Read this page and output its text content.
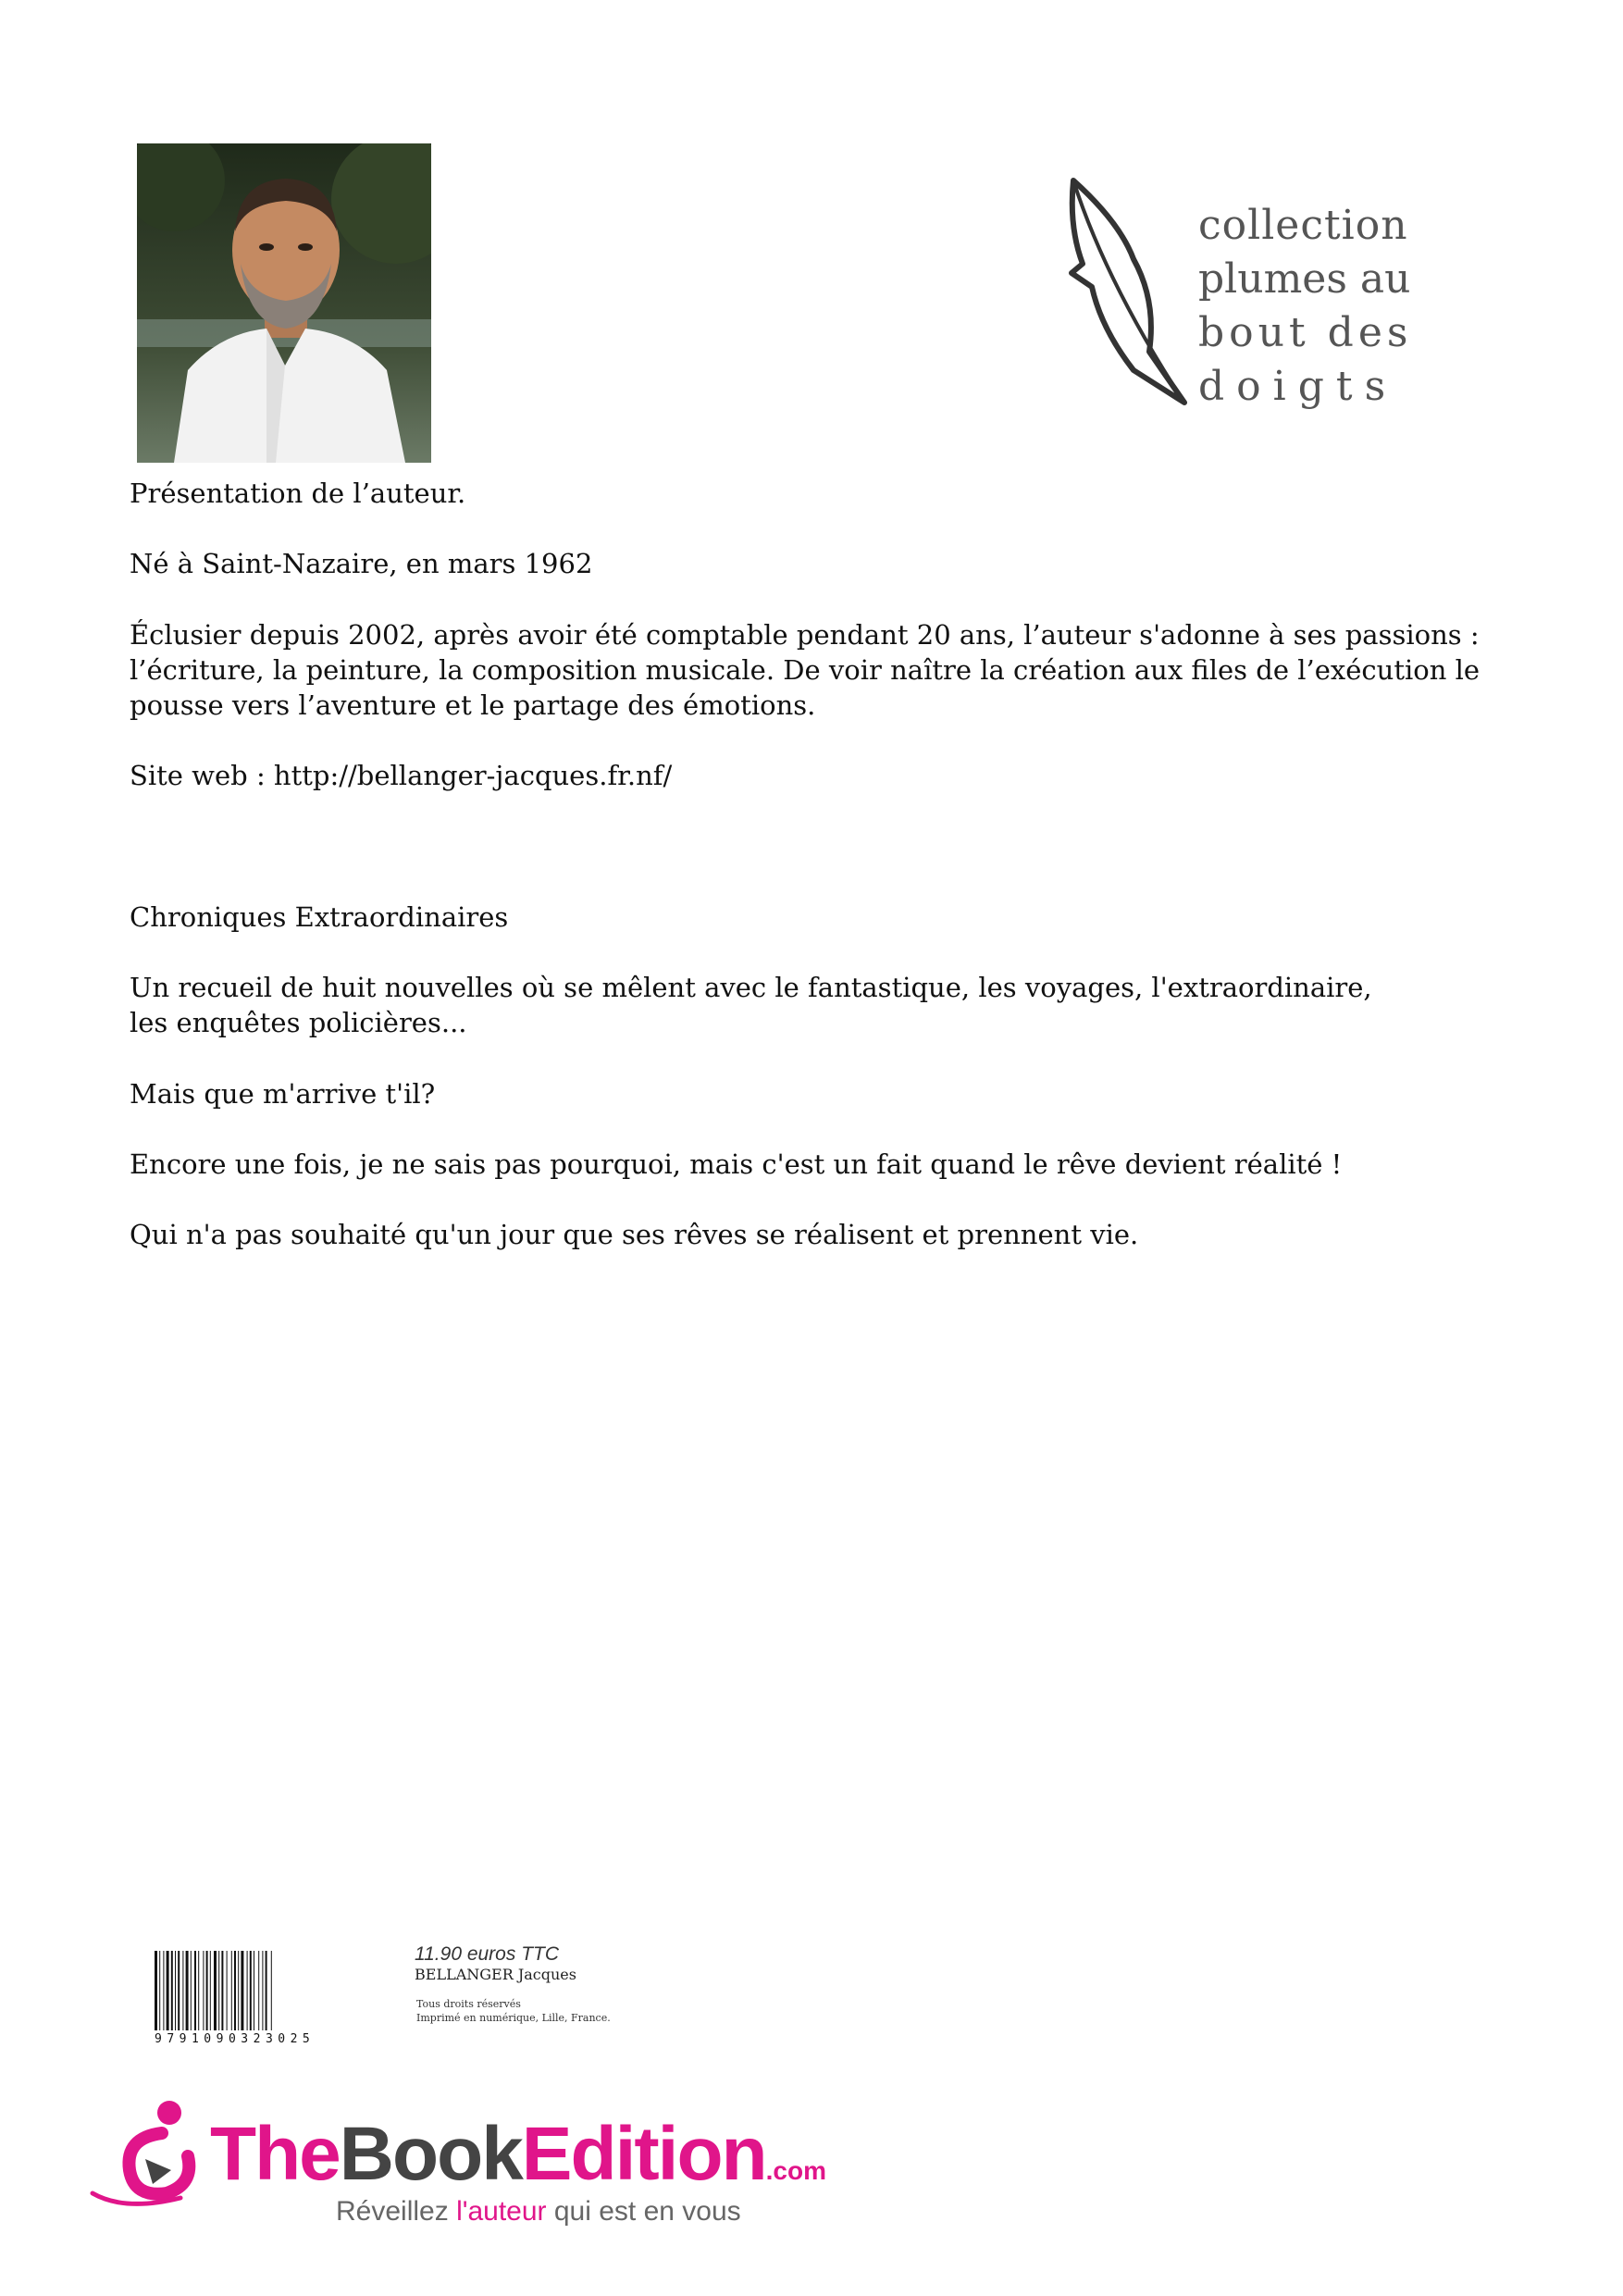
collection
plumes au
bout des
doigts
Présentation de l’auteur.
Né à Saint-Nazaire, en mars 1962
Éclusier depuis 2002, après avoir été comptable pendant 20 ans, l’auteur s'adonne à ses passions :
l’écriture, la peinture, la composition musicale. De voir naître la création aux files de l’exécution le
pousse vers l’aventure et le partage des émotions.
Site web : http://bellanger-jacques.fr.nf/
Chroniques Extraordinaires
Un recueil de huit nouvelles où se mêlent avec le fantastique, les voyages, l'extraordinaire,
les enquêtes policières...
Mais que m'arrive t'il?
Encore une fois, je ne sais pas pourquoi, mais c'est un fait quand le rêve devient réalité !
Qui n'a pas souhaité qu'un jour que ses rêves se réalisent et prennent vie.
9791090323025
11.90 euros TTC
BELLANGER Jacques
Tous droits réservés
Imprimé en numérique, Lille, France.
TheBookEdition.com
Réveillez l'auteur qui est en vous
